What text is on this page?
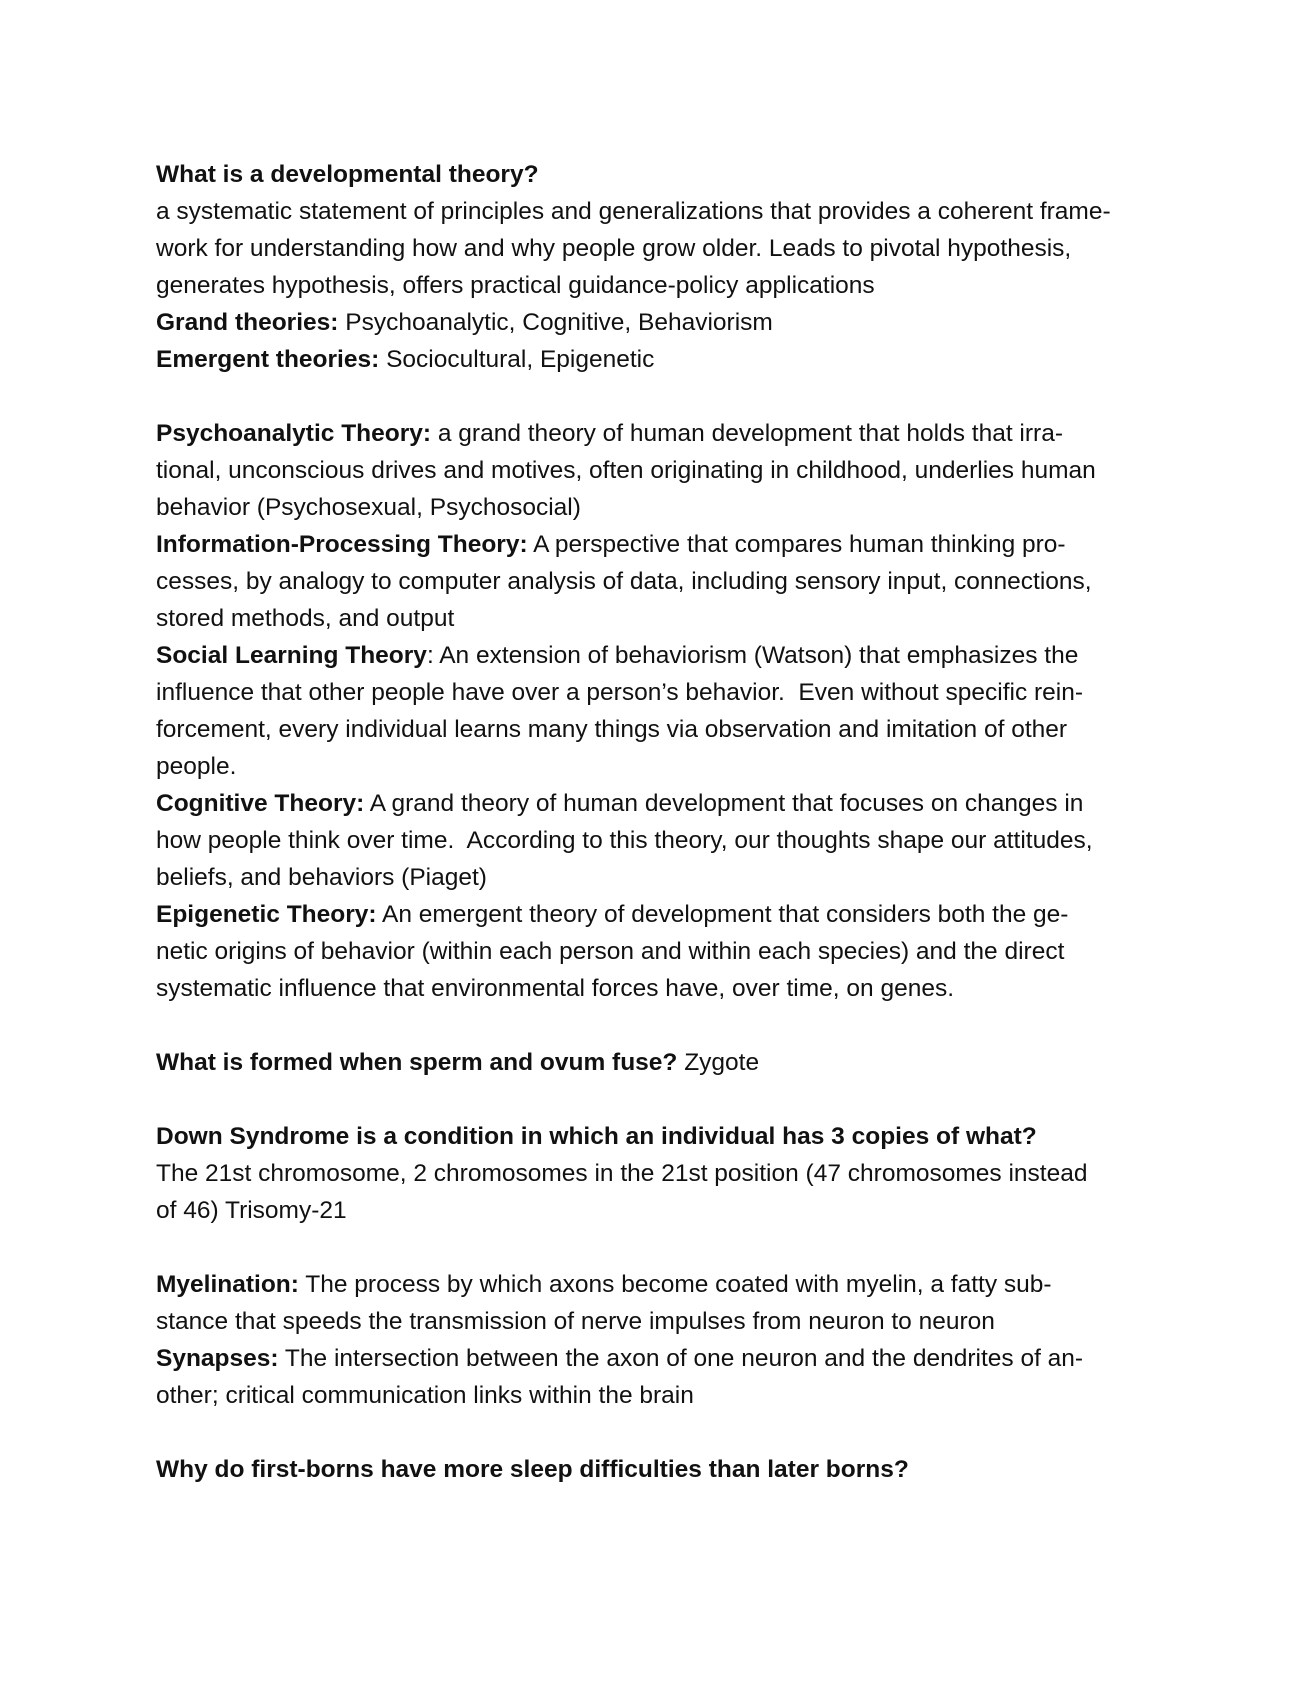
What is a developmental theory?
a systematic statement of principles and generalizations that provides a coherent frame-
work for understanding how and why people grow older. Leads to pivotal hypothesis,
generates hypothesis, offers practical guidance-policy applications
Grand theories: Psychoanalytic, Cognitive, Behaviorism
Emergent theories: Sociocultural, Epigenetic
Psychoanalytic Theory: a grand theory of human development that holds that irra-
tional, unconscious drives and motives, often originating in childhood, underlies human
behavior (Psychosexual, Psychosocial)
Information-Processing Theory: A perspective that compares human thinking pro-
cesses, by analogy to computer analysis of data, including sensory input, connections,
stored methods, and output
Social Learning Theory: An extension of behaviorism (Watson) that emphasizes the
influence that other people have over a person’s behavior.  Even without specific rein-
forcement, every individual learns many things via observation and imitation of other
people.
Cognitive Theory: A grand theory of human development that focuses on changes in
how people think over time.  According to this theory, our thoughts shape our attitudes,
beliefs, and behaviors (Piaget)
Epigenetic Theory: An emergent theory of development that considers both the ge-
netic origins of behavior (within each person and within each species) and the direct
systematic influence that environmental forces have, over time, on genes.
What is formed when sperm and ovum fuse? Zygote
Down Syndrome is a condition in which an individual has 3 copies of what?
The 21st chromosome, 2 chromosomes in the 21st position (47 chromosomes instead
of 46) Trisomy-21
Myelination: The process by which axons become coated with myelin, a fatty sub-
stance that speeds the transmission of nerve impulses from neuron to neuron
Synapses: The intersection between the axon of one neuron and the dendrites of an-
other; critical communication links within the brain
Why do first-borns have more sleep difficulties than later borns?
